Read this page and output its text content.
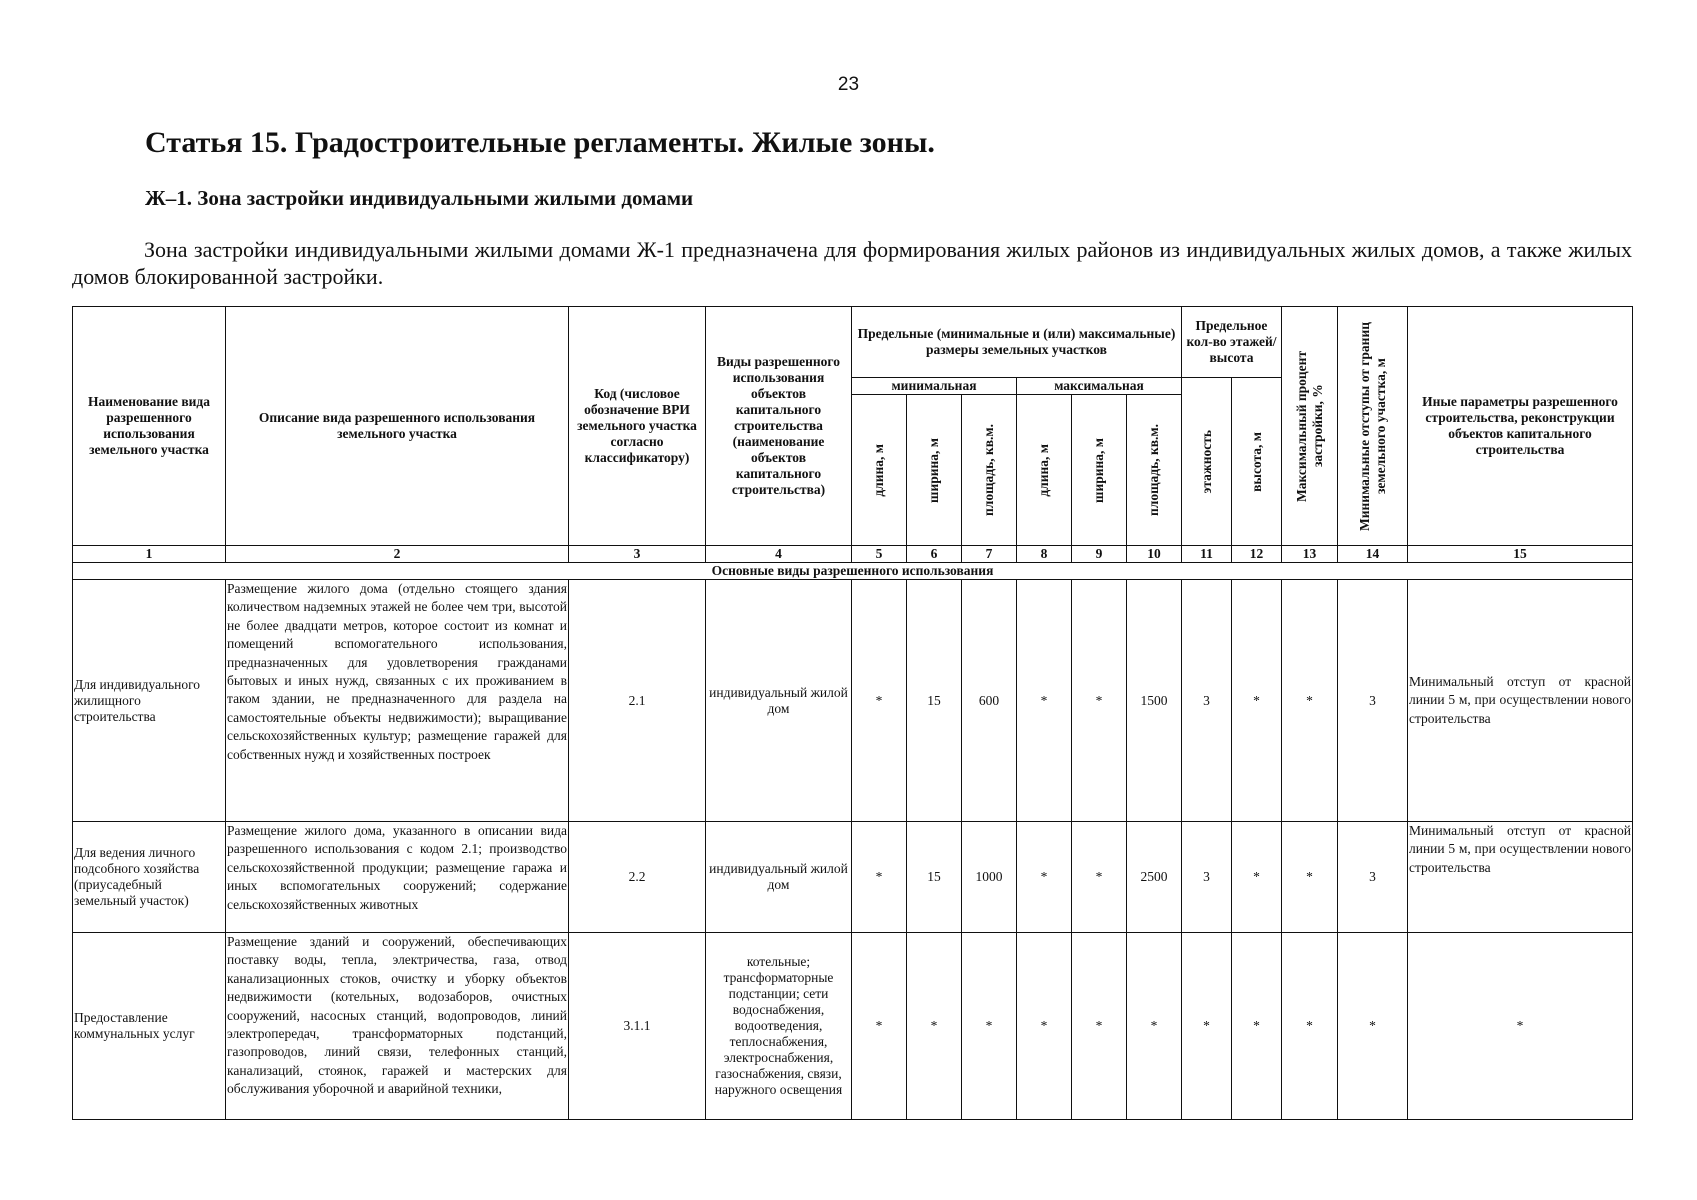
23
Статья 15. Градостроительные регламенты. Жилые зоны.
Ж–1. Зона застройки индивидуальными жилыми домами

Зона застройки индивидуальными жилыми домами Ж-1 предназначена для формирования жилых районов из индивидуальных жилых домов, а также жилых домов блокированной застройки.

Наименование вида разрешенного использования земельного участка	Описание вида разрешенного использования земельного участка	Код (числовое обозначение ВРИ земельного участка согласно классификатору)	Виды разрешенного использования объектов капитального строительства (наименование объектов капитального строительства)	Предельные (минимальные и (или) максимальные) размеры земельных участков						Предельное кол-во этажей/ высота		Максимальный процент застройки, %	Минимальные отступы от границ земельного участка, м	Иные параметры разрешенного строительства, реконструкции объектов капитального строительства
				минимальная			максимальная			этажность	высота, м			

				длина, м	ширина, м	площадь, кв.м.	длина, м	ширина, м	площадь, кв.м.					

1	2	3	4	5	6	7	8	9	10	11	12	13	14	15
Основные виды разрешенного использования														
Для индивидуального жилищного строительства	Размещение жилого дома (отдельно стоящего здания количеством надземных этажей не более чем три, высотой не более двадцати метров, которое состоит из комнат и помещений вспомогательного использования, предназначенных для удовлетворения гражданами бытовых и иных нужд, связанных с их проживанием в таком здании, не предназначенного для раздела на самостоятельные объекты недвижимости); выращивание сельскохозяйственных культур; размещение гаражей для собственных нужд и хозяйственных построек	2.1	индивидуальный жилой дом	*	15	600	*	*	1500	3	*	*	3	Минимальный отступ от красной линии 5 м, при осуществлении нового строительства
Для ведения личного подсобного хозяйства (приусадебный земельный участок)	Размещение жилого дома, указанного в описании вида разрешенного использования с кодом 2.1; производство сельскохозяйственной продукции; размещение гаража и иных вспомогательных сооружений; содержание сельскохозяйственных животных	2.2	индивидуальный жилой дом	*	15	1000	*	*	2500	3	*	*	3	Минимальный отступ от красной линии 5 м, при осуществлении нового строительства
Предоставление коммунальных услуг	Размещение зданий и сооружений, обеспечивающих поставку воды, тепла, электричества, газа, отвод канализационных стоков, очистку и уборку объектов недвижимости (котельных, водозаборов, очистных сооружений, насосных станций, водопроводов, линий электропередач, трансформаторных подстанций, газопроводов, линий связи, телефонных станций, канализаций, стоянок, гаражей и мастерских для обслуживания уборочной и аварийной техники,	3.1.1	котельные; трансформаторные подстанции; сети водоснабжения, водоотведения, теплоснабжения, электроснабжения, газоснабжения, связи, наружного освещения	*	*	*	*	*	*	*	*	*	*	*
